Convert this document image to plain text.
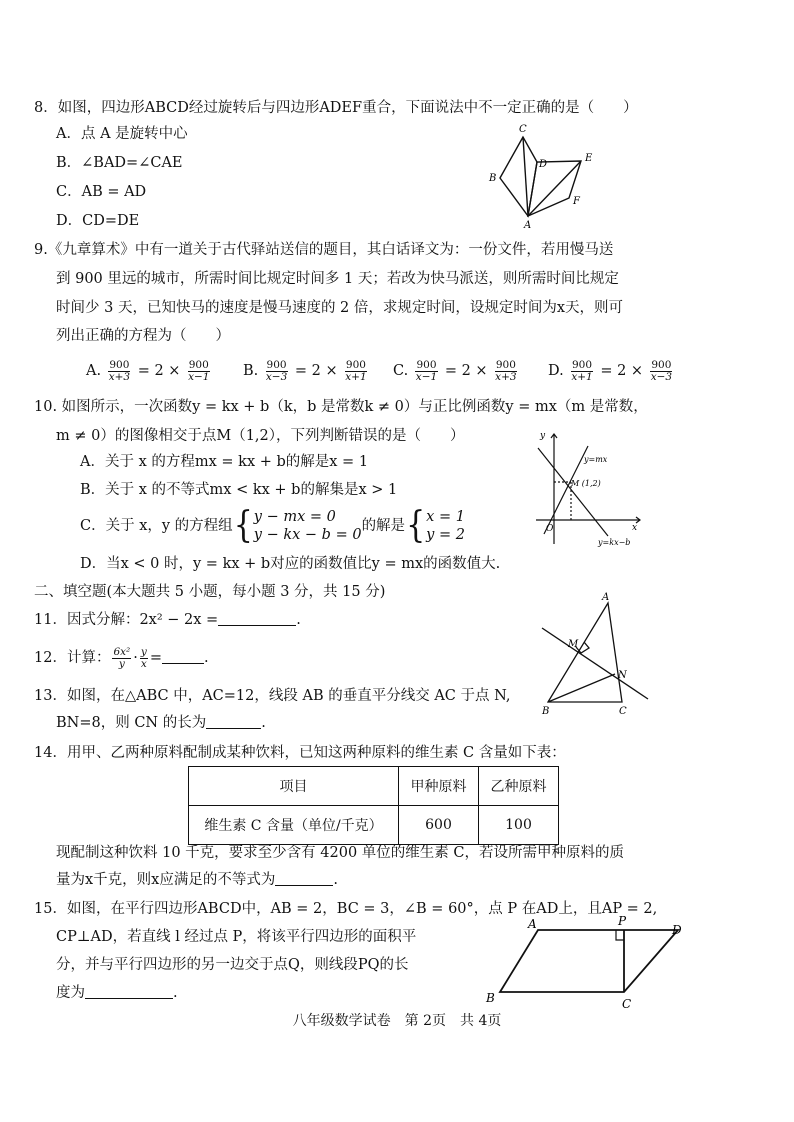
8．如图，四边形ABCD经过旋转后与四边形ADEF重合，下面说法中不一定正确的是（　　）
A．点 A 是旋转中心
B．∠BAD=∠CAE
C．AB = AD
D．CD=DE
C
B
D
E
F
A
9.《九章算术》中有一道关于古代驿站送信的题目，其白话译文为：一份文件，若用慢马送
到 900 里远的城市，所需时间比规定时间多 1 天；若改为快马派送，则所需时间比规定
时间少 3 天，已知快马的速度是慢马速度的 2 倍，求规定时间，设规定时间为x天，则可
列出正确的方程为（　　）
A. $\frac{900}{x+3} = 2 \times \frac{900}{x-1} B$. $\frac{900}{x-3} = 2 \times \frac{900}{x+1} C$. $\frac{900}{x-1} = 2 \times \frac{900}{x+3} D$. $\frac{900}{x+1} = 2 \times \frac{900}{x-3}$
10. 如图所示，一次函数y = kx + b（k，b 是常数k ≠ 0）与正比例函数y = mx（m 是常数，
m ≠ 0）的图像相交于点M（1,2），下列判断错误的是（　　）
A．关于 x 的方程mx = kx + b的解是x = 1
B．关于 x 的不等式mx < kx + b的解集是x > 1
C．关于 x，y 的方程组{ y − mx = 0
y − kx − b = 0
的解是{ x = 1
y = 2
D．当x < 0 时，y = kx + b对应的函数值比y = mx的函数值大.
y
x
O
y=mx
M (1,2)
y=kx−b
二、填空题(本大题共 5 小题，每小题 3 分，共 15 分)
11．因式分解：2x² − 2x =	.
12．计算： $\frac{\text{6x²}}{y} \cdot \frac{y}{x}$ =	.
13．如图，在△ABC 中，AC=12，线段 AB 的垂直平分线交 AC 于点 N,
BN=8，则 CN 的长为	.
A
M
N
B	C
14．用甲、乙两种原料配制成某种饮料，已知这两种原料的维生素 C 含量如下表：
项目	甲种原料	乙种原料
维生素 C 含量（单位/千克）	600	100
现配制这种饮料 10 千克，要求至少含有 4200 单位的维生素 C，若设所需甲种原料的质
量为x千克，则x应满足的不等式为	.
15．如图，在平行四边形ABCD中，AB = 2，BC = 3，∠B = 60°，点 P 在AD上，且AP = 2,
CP⊥AD，若直线 l 经过点 P，将该平行四边形的面积平
分，并与平行四边形的另一边交于点Q，则线段PQ的长
度为	.
A	P
D
B	C
八年级数学试卷　第 2页　共 4页
